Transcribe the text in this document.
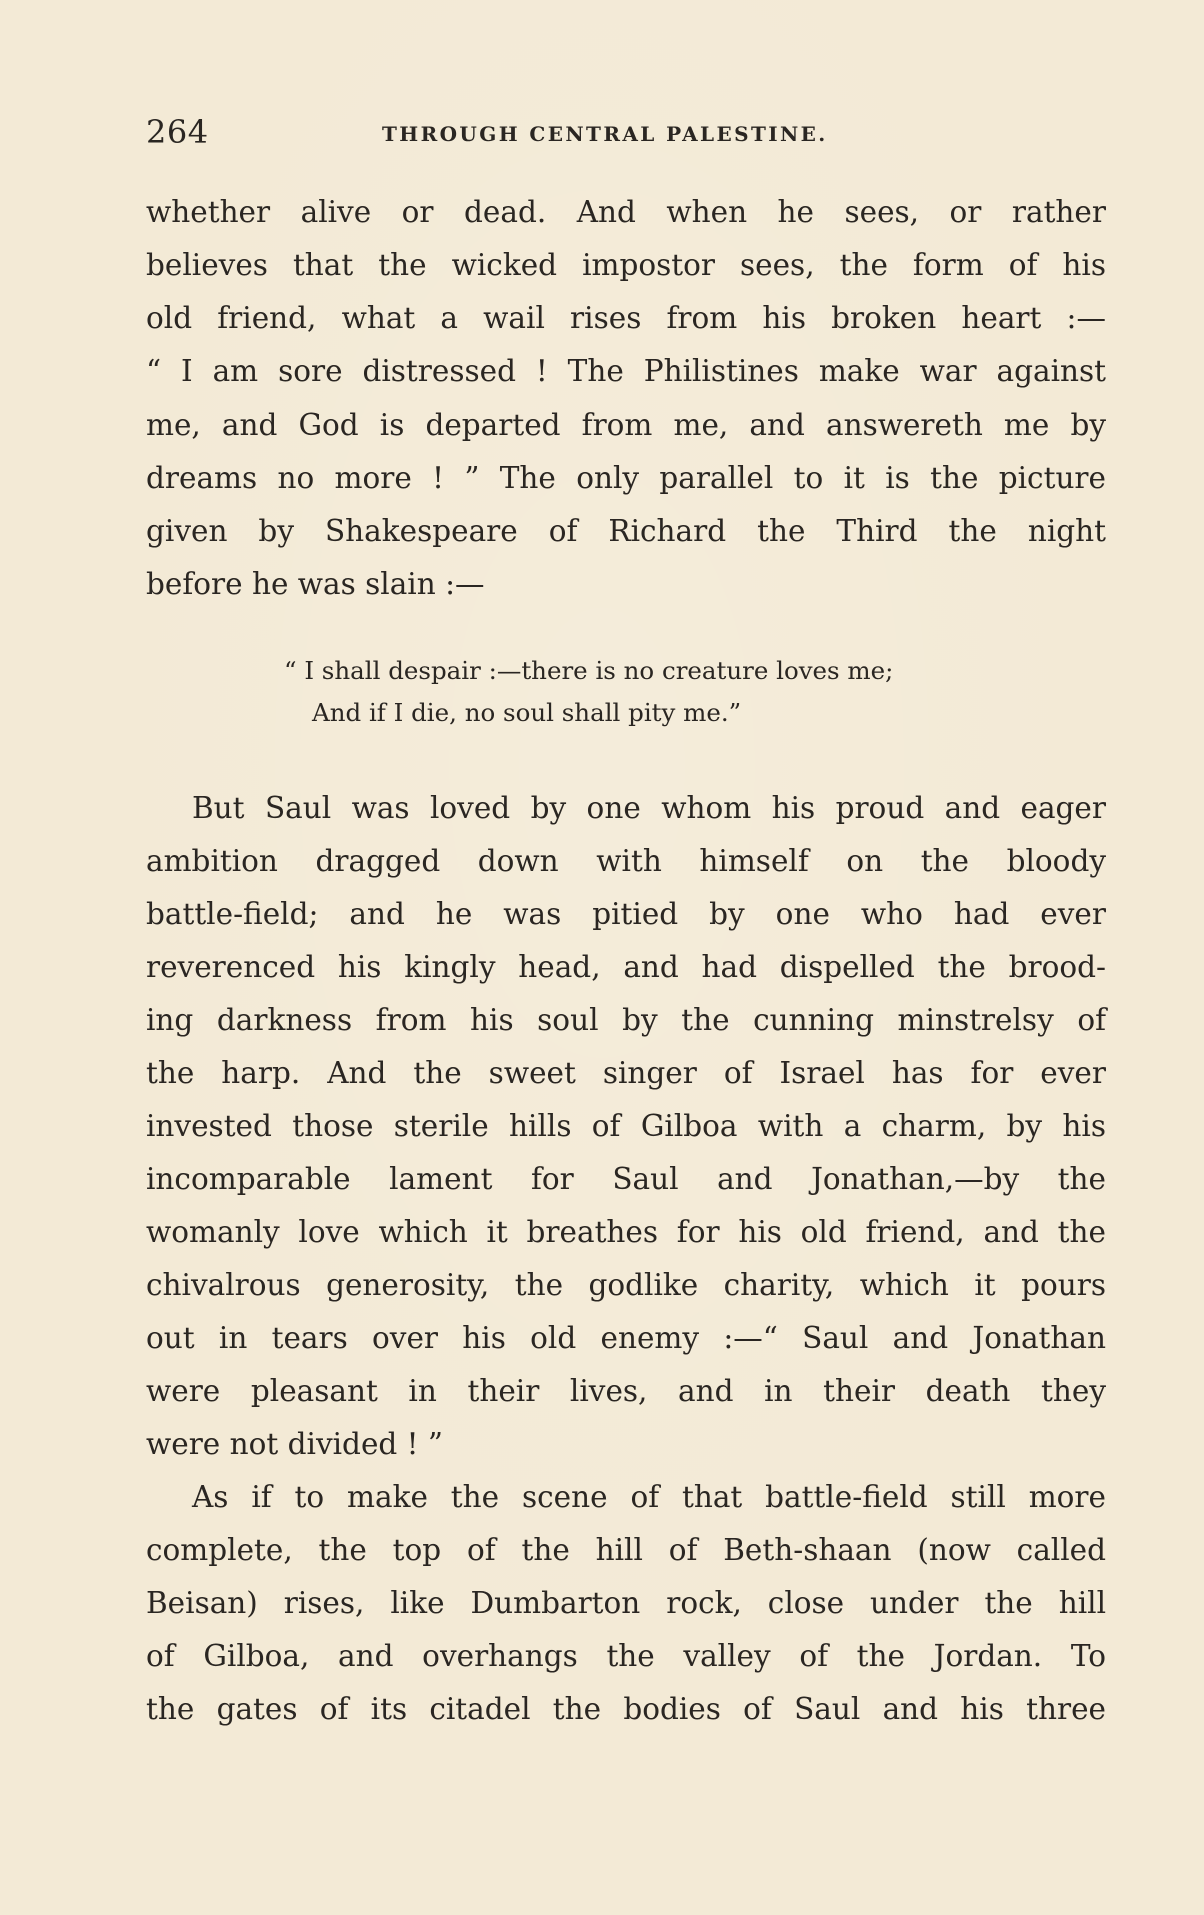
264	THROUGH CENTRAL PALESTINE.
whether alive or dead. And when he sees, or rather
believes that the wicked impostor sees, the form of his
old friend, what a wail rises from his broken heart :—
“ I am sore distressed ! The Philistines make war against
me, and God is departed from me, and answereth me by
dreams no more ! ” The only parallel to it is the picture
given by Shakespeare of Richard the Third the night
before he was slain :—
“ I shall despair :—there is no creature loves me;
And if I die, no soul shall pity me.”
But Saul was loved by one whom his proud and eager
ambition dragged down with himself on the bloody
battle-field; and he was pitied by one who had ever
reverenced his kingly head, and had dispelled the brood-
ing darkness from his soul by the cunning minstrelsy of
the harp. And the sweet singer of Israel has for ever
invested those sterile hills of Gilboa with a charm, by his
incomparable lament for Saul and Jonathan,—by the
womanly love which it breathes for his old friend, and the
chivalrous generosity, the godlike charity, which it pours
out in tears over his old enemy :—“ Saul and Jonathan
were pleasant in their lives, and in their death they
were not divided ! ”
As if to make the scene of that battle-field still more
complete, the top of the hill of Beth-shaan (now called
Beisan) rises, like Dumbarton rock, close under the hill
of Gilboa, and overhangs the valley of the Jordan. To
the gates of its citadel the bodies of Saul and his three
